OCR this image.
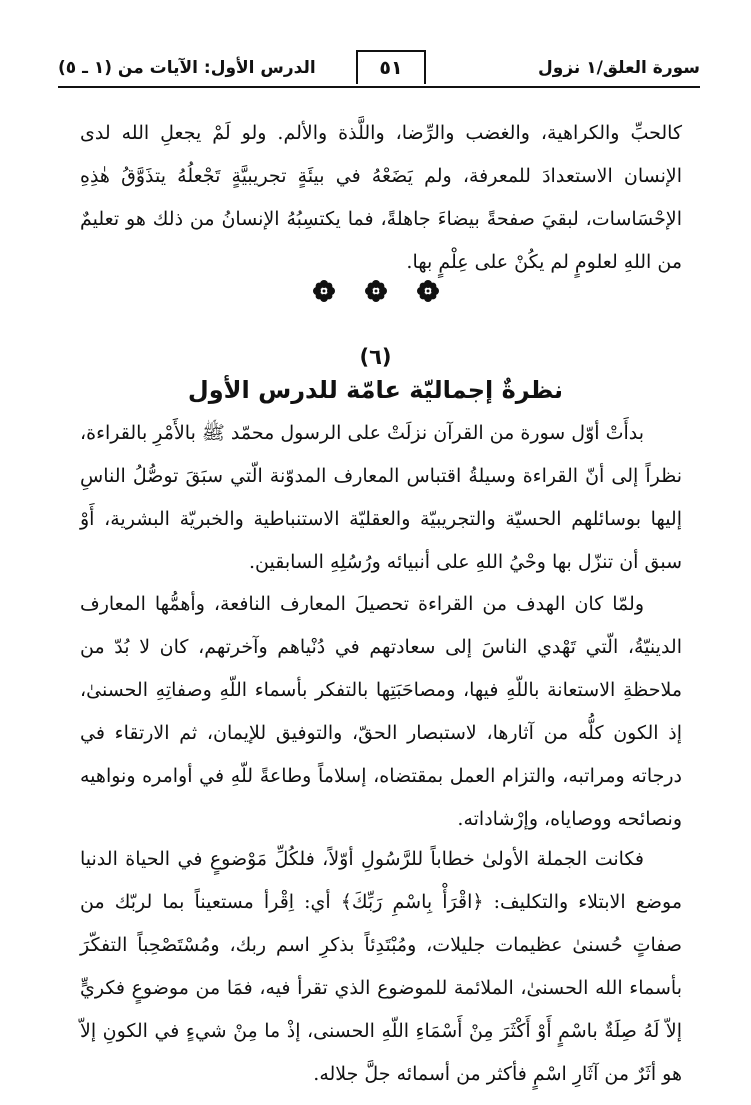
سورة العلق/١ نزول
٥١
الدرس الأول: الآيات من (١ ـ ٥)
كالحبِّ والكراهية، والغضب والرِّضا، واللَّذة والألم. ولو لَمْ يجعلِ الله لدى الإنسان الاستعدادَ للمعرفة، ولم يَضَعْهُ في بيئَةٍ تجريبيَّةٍ تَجْعلُهُ يتذَوَّقُ هٰذِهِ الإحْسَاسات، لبقيَ صفحةً بيضاءَ جاهلةً، فما يكتسِبُهُ الإنسانُ من ذلك هو تعليمٌ من اللهِ لعلومٍ لم يكُنْ على عِلْمٍ بها.
(٦)
نظرةٌ إجماليّة عامّة للدرس الأول
بدأَتْ أوّل سورة من القرآن نزلَتْ على الرسول محمّد ﷺ بالأَمْرِ بالقراءة، نظراً إلى أنّ القراءة وسيلةُ اقتباس المعارف المدوّنة الّتي سبَقَ توصُّلُ الناسِ إليها بوسائلهم الحسيّة والتجريبيّة والعقليّة الاستنباطية والخبريّة البشرية، أَوْ سبق أن تنزّل بها وحْيُ اللهِ على أنبيائه ورُسُلِهِ السابقين.
ولمّا كان الهدف من القراءة تحصيلَ المعارف النافعة، وأهمُّها المعارف الدينيّةُ، الّتي تَهْدي الناسَ إلى سعادتهم في دُنْياهم وآخرتهم، كان لا بُدّ من ملاحظةِ الاستعانة باللّهِ فيها، ومصاحَبَتِها بالتفكر بأسماء اللّهِ وصفاتِهِ الحسنىٰ، إذ الكون كلُّه من آثارها، لاستبصار الحقّ، والتوفيق للإيمان، ثم الارتقاء في درجاته ومراتبه، والتزام العمل بمقتضاه، إسلاماً وطاعةً للّهِ في أوامره ونواهيه ونصائحه ووصاياه، وإرْشاداته.
فكانت الجملة الأولىٰ خطاباً للرَّسُولِ أوّلاً، فلكُلِّ مَوْضوعٍ في الحياة الدنيا موضع الابتلاء والتكليف: ﴿اقْرَأْ بِاسْمِ رَبِّكَ﴾ أي: اِقْرأ مستعيناً بما لربّك من صفاتٍ حُسنىٰ عظيمات جليلات، ومُبْتَدِئاً بذكرِ اسم ربك، ومُسْتَصْحِباً التفكّرَ بأسماء الله الحسنىٰ، الملائمة للموضوع الذي تقرأ فيه، فمَا من موضوعٍ فكريٍّ إلاّ لَهُ صِلَةٌ باسْمٍ أَوْ أَكْثَرَ مِنْ أَسْمَاءِ اللّهِ الحسنى، إذْ ما مِنْ شيءٍ في الكونِ إلاّ هو أثَرٌ من آثَارِ اسْمٍ فأكثر من أسمائه جلَّ جلاله.
